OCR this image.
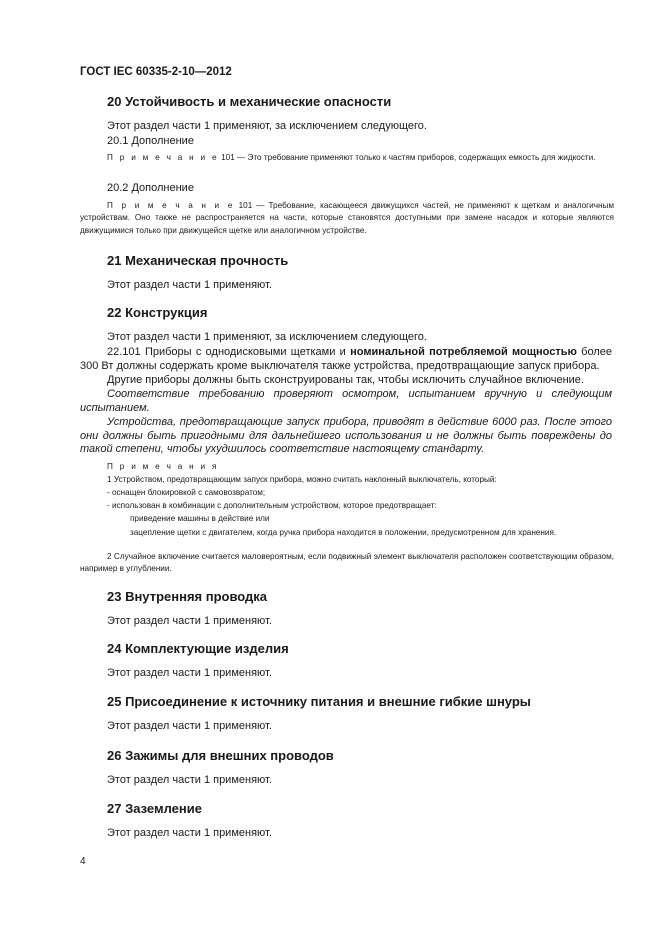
ГОСТ IEC 60335-2-10—2012
20 Устойчивость и механические опасности
Этот раздел части 1 применяют, за исключением следующего.
20.1 Дополнение
П р и м е ч а н и е 101 — Это требование применяют только к частям приборов, содержащих емкость для жидкости.
20.2 Дополнение
П р и м е ч а н и е 101 — Требование, касающееся движущихся частей, не применяют к щеткам и аналогичным устройствам. Оно также не распространяется на части, которые становятся доступными при замене насадок и которые являются движущимися только при движущейся щетке или аналогичном устройстве.
21 Механическая прочность
Этот раздел части 1 применяют.
22 Конструкция
Этот раздел части 1 применяют, за исключением следующего.
22.101 Приборы с однодисковыми щетками и номинальной потребляемой мощностью более 300 Вт должны содержать кроме выключателя также устройства, предотвращающие запуск прибора.
Другие приборы должны быть сконструированы так, чтобы исключить случайное включение.
Соответствие требованию проверяют осмотром, испытанием вручную и следующим испытанием.
Устройства, предотвращающие запуск прибора, приводят в действие 6000 раз. После этого они должны быть пригодными для дальнейшего использования и не должны быть повреждены до такой степени, чтобы ухудшилось соответствие настоящему стандарту.
П р и м е ч а н и я
1 Устройством, предотвращающим запуск прибора, можно считать наклонный выключатель, который:
- оснащен блокировкой с самовозвратом;
- использован в комбинации с дополнительным устройством, которое предотвращает:
приведение машины в действие или
зацепление щетки с двигателем, когда ручка прибора находится в положении, предусмотренном для хранения.
2 Случайное включение считается маловероятным, если подвижный элемент выключателя расположен соответствующим образом, например в углублении.
23 Внутренняя проводка
Этот раздел части 1 применяют.
24 Комплектующие изделия
Этот раздел части 1 применяют.
25 Присоединение к источнику питания и внешние гибкие шнуры
Этот раздел части 1 применяют.
26 Зажимы для внешних проводов
Этот раздел части 1 применяют.
27 Заземление
Этот раздел части 1 применяют.
4
